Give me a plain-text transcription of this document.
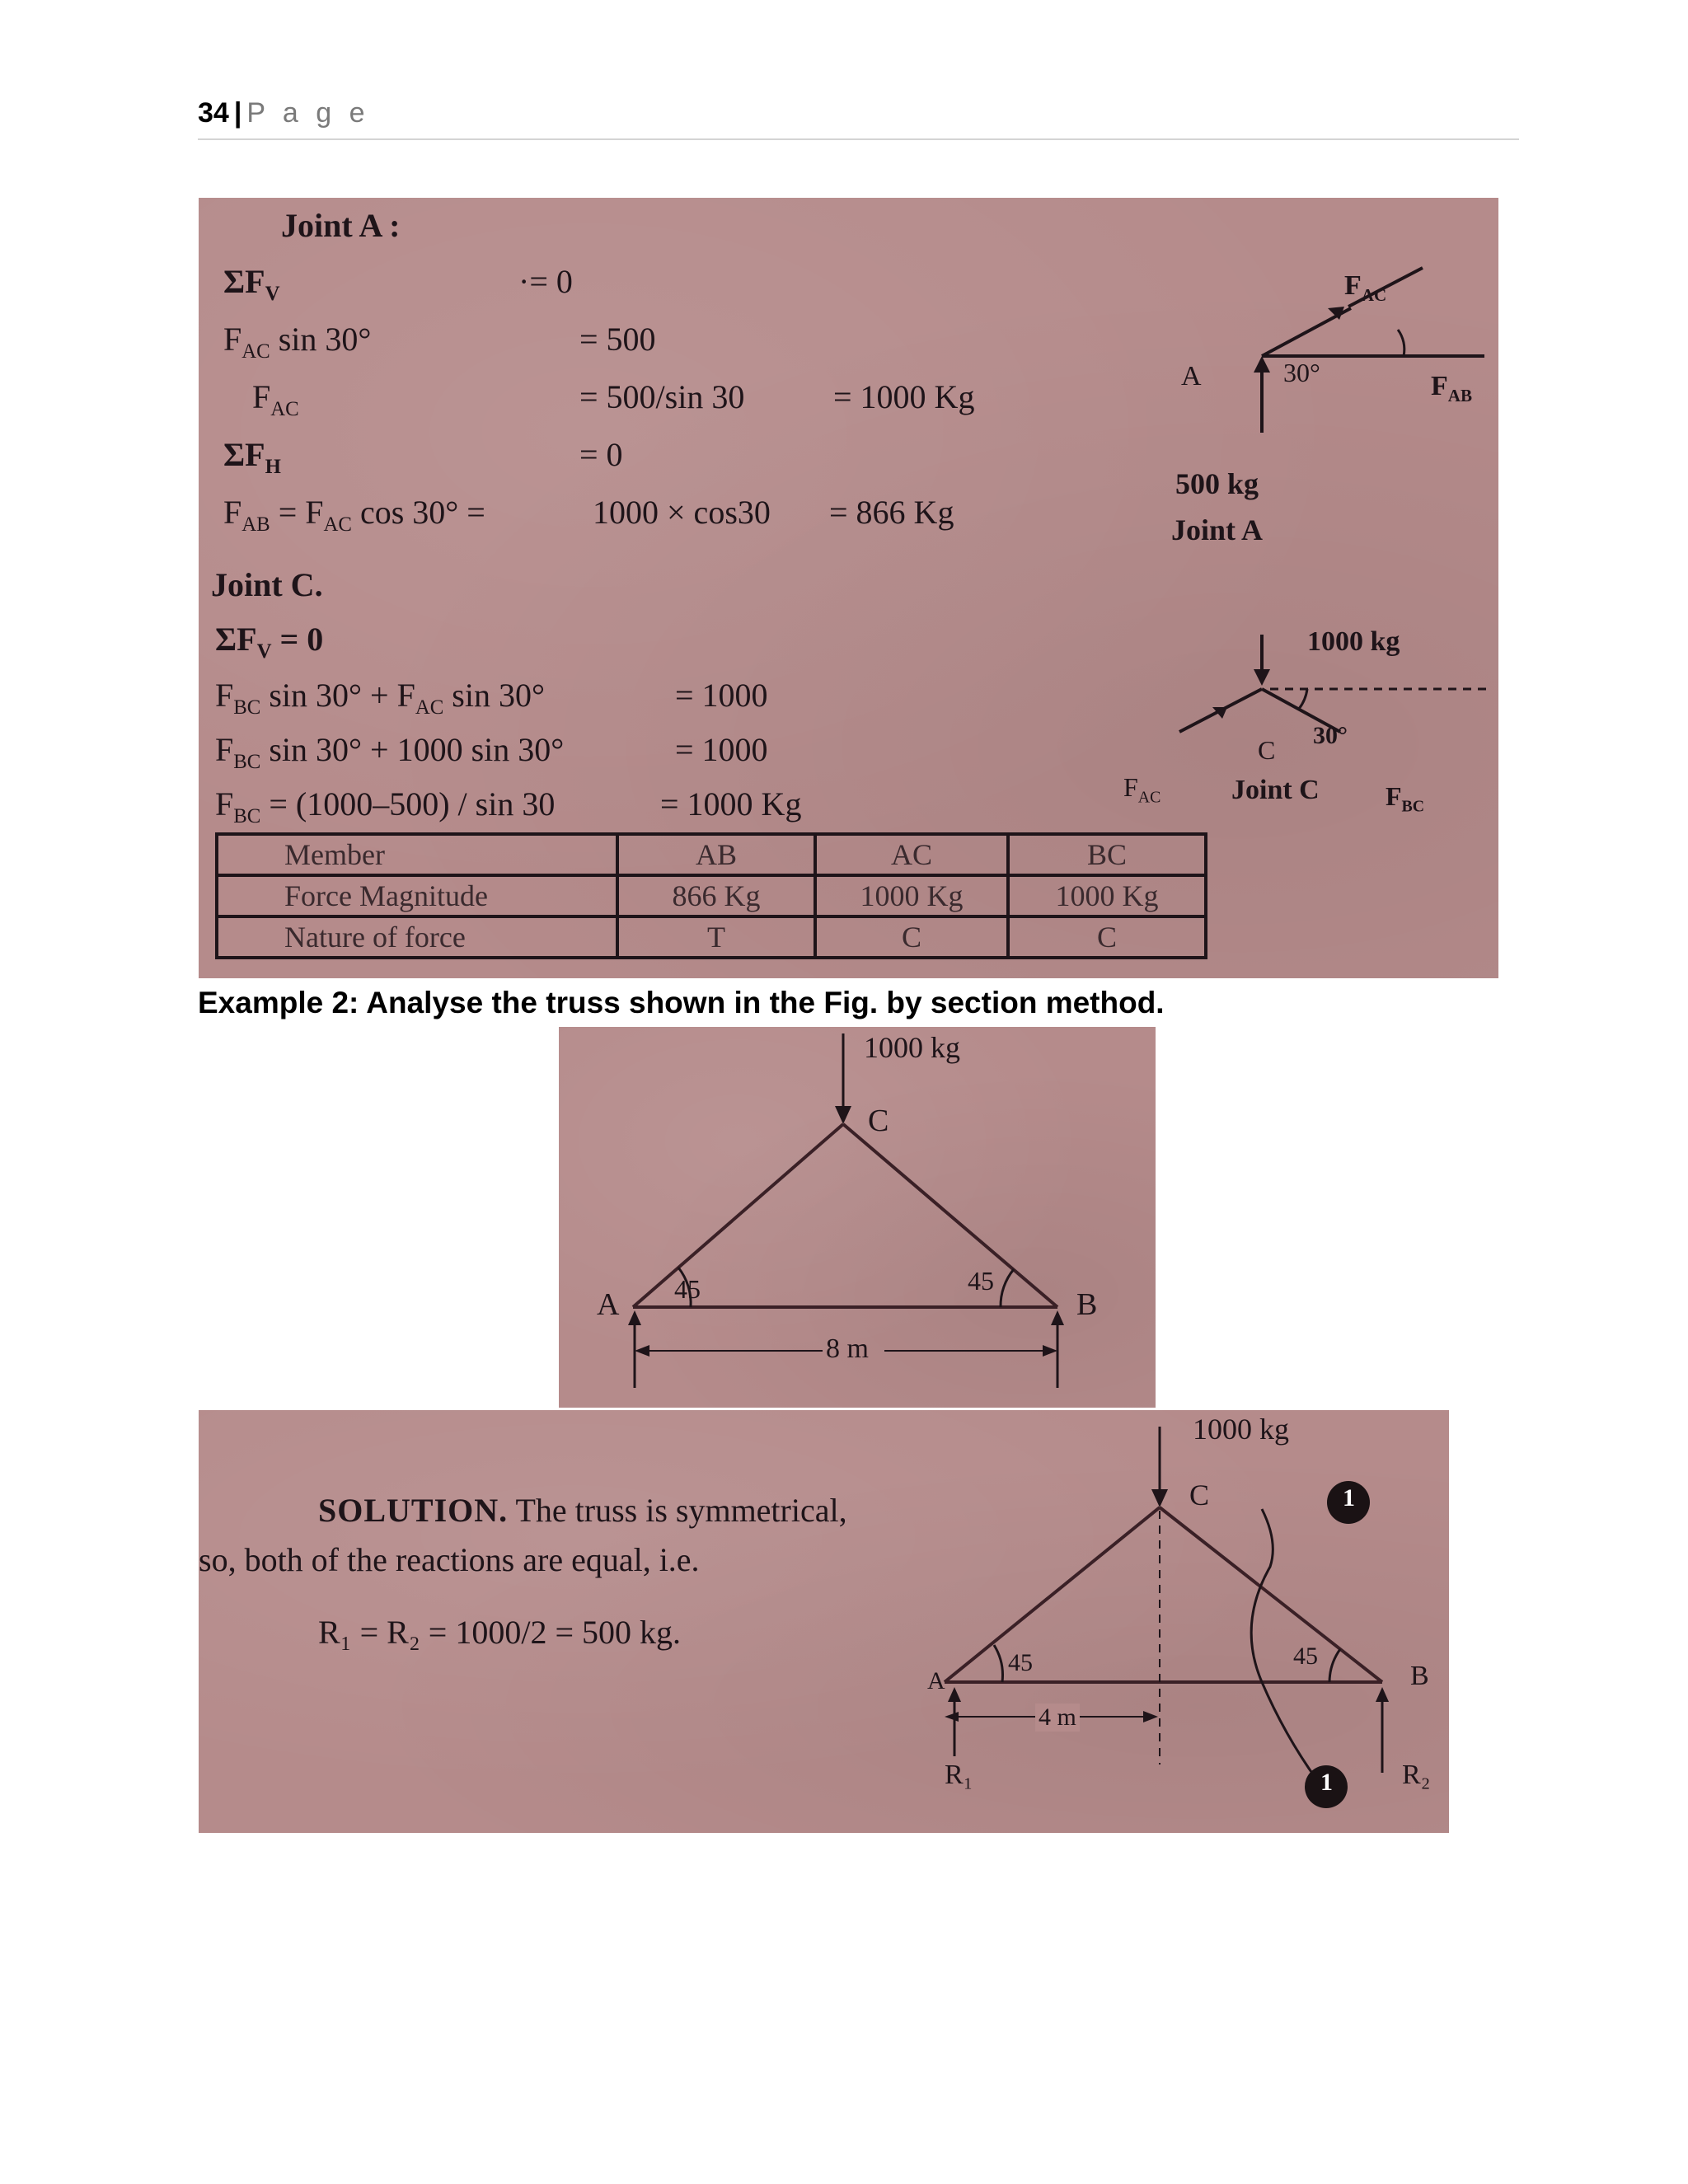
34 | P a g e
Joint A :
$\Sigma F_V$	·= 0
$F_{AC}$ sin 30°	= 500
$F_{AC}$	= 500/sin 30	= 1000 Kg
$\Sigma F_H$	= 0
$F_{AB} = F_{AC}$ cos 30° =	1000 × cos30 = 866 Kg
A	30°
$F_{AC}$
$F_{AB}$
500 kg
Joint A
Joint C.
$\Sigma F_V = 0$
$F_{BC}$ $\sin 30^\circ + F_{AC}$ sin 30°	= 1000
$F_{BC}$ sin 30° + 1000 sin 30°	= 1000
$F_{BC} = (1000-500) / \sin 30$	= 1000 Kg
1000 kg
C 30°
$F_{AC}$	Joint C	$F_{BC}$
Member	AB	AC	BC
Force Magnitude	866 Kg	1000 Kg	1000 Kg
Nature of force	T	C	C
Example 2: Analyse the truss shown in the Fig. by section method.
1000 kg
C
A	B
45	45
8 m
SOLUTION. The truss is symmetrical,
so, both of the reactions are equal, i.e.
R₁ = R₂ = 1000/2 = 500 kg.
1000 kg
C
A	B
45	45
4 m
R₁	R₂
1
1
